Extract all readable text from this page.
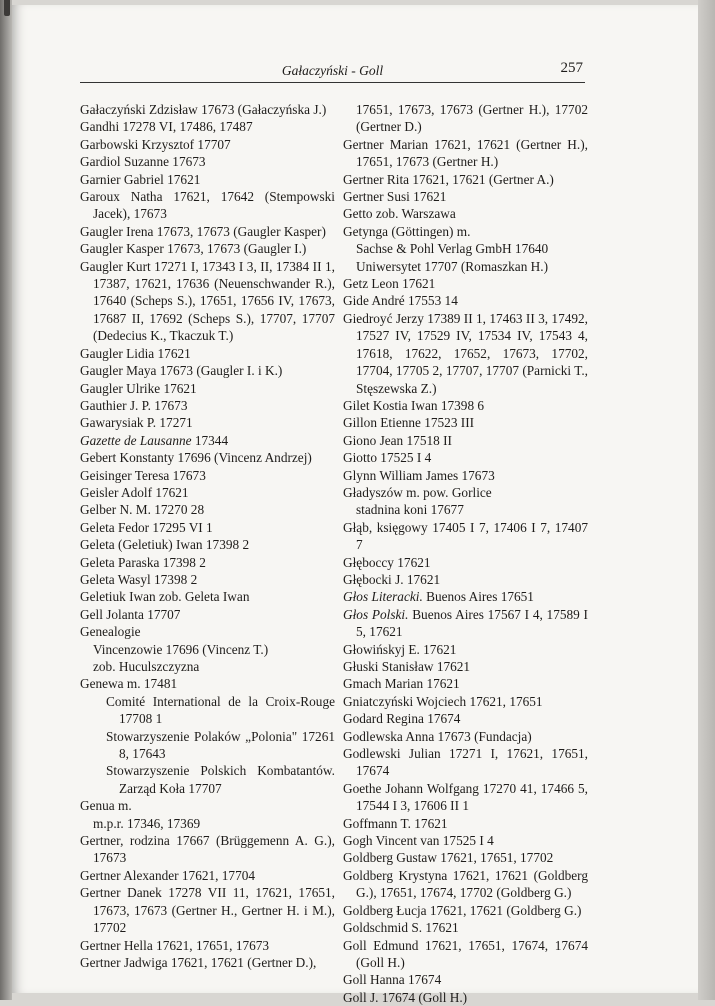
Gałaczyński - Goll	257
Gałaczyński Zdzisław 17673 (Gałaczyńska J.)
Gandhi 17278 VI, 17486, 17487
Garbowski Krzysztof 17707
Gardiol Suzanne 17673
Garnier Gabriel 17621
Garoux Natha 17621, 17642 (Stempowski Jacek), 17673
Gaugler Irena 17673, 17673 (Gaugler Kasper)
Gaugler Kasper 17673, 17673 (Gaugler I.)
Gaugler Kurt 17271 I, 17343 I 3, II, 17384 II 1, 17387, 17621, 17636 (Neuenschwander R.), 17640 (Scheps S.), 17651, 17656 IV, 17673, 17687 II, 17692 (Scheps S.), 17707, 17707 (Dedecius K., Tkaczuk T.)
Gaugler Lidia 17621
Gaugler Maya 17673 (Gaugler I. i K.)
Gaugler Ulrike 17621
Gauthier J. P. 17673
Gawarysiak P. 17271
Gazette de Lausanne 17344
Gebert Konstanty 17696 (Vincenz Andrzej)
Geisinger Teresa 17673
Geisler Adolf 17621
Gelber N. M. 17270 28
Geleta Fedor 17295 VI 1
Geleta (Geletiuk) Iwan 17398 2
Geleta Paraska 17398 2
Geleta Wasyl 17398 2
Geletiuk Iwan zob. Geleta Iwan
Gell Jolanta 17707
Genealogie
Vincenzowie 17696 (Vincenz T.)
zob. Huculszczyzna
Genewa m. 17481
Comité International de la Croix-Rouge 17708 1
Stowarzyszenie Polaków „Polonia" 17261 8, 17643
Stowarzyszenie Polskich Kombatantów. Zarząd Koła 17707
Genua m.
m.p.r. 17346, 17369
Gertner, rodzina 17667 (Brüggemenn A. G.), 17673
Gertner Alexander 17621, 17704
Gertner Danek 17278 VII 11, 17621, 17651, 17673, 17673 (Gertner H., Gertner H. i M.), 17702
Gertner Hella 17621, 17651, 17673
Gertner Jadwiga 17621, 17621 (Gertner D.),
17651, 17673, 17673 (Gertner H.), 17702 (Gertner D.)
Gertner Marian 17621, 17621 (Gertner H.), 17651, 17673 (Gertner H.)
Gertner Rita 17621, 17621 (Gertner A.)
Gertner Susi 17621
Getto zob. Warszawa
Getynga (Göttingen) m.
Sachse & Pohl Verlag GmbH 17640
Uniwersytet 17707 (Romaszkan H.)
Getz Leon 17621
Gide André 17553 14
Giedroyć Jerzy 17389 II 1, 17463 II 3, 17492, 17527 IV, 17529 IV, 17534 IV, 17543 4, 17618, 17622, 17652, 17673, 17702, 17704, 17705 2, 17707, 17707 (Parnicki T., Stęszewska Z.)
Gilet Kostia Iwan 17398 6
Gillon Etienne 17523 III
Giono Jean 17518 II
Giotto 17525 I 4
Glynn William James 17673
Gładyszów m. pow. Gorlice
stadnina koni 17677
Głąb, księgowy 17405 I 7, 17406 I 7, 17407 7
Głęboccy 17621
Głębocki J. 17621
Głos Literacki. Buenos Aires 17651
Głos Polski. Buenos Aires 17567 I 4, 17589 I 5, 17621
Głowińskyj E. 17621
Głuski Stanisław 17621
Gmach Marian 17621
Gniatczyński Wojciech 17621, 17651
Godard Regina 17674
Godlewska Anna 17673 (Fundacja)
Godlewski Julian 17271 I, 17621, 17651, 17674
Goethe Johann Wolfgang 17270 41, 17466 5, 17544 I 3, 17606 II 1
Goffmann T. 17621
Gogh Vincent van 17525 I 4
Goldberg Gustaw 17621, 17651, 17702
Goldberg Krystyna 17621, 17621 (Goldberg G.), 17651, 17674, 17702 (Goldberg G.)
Goldberg Łucja 17621, 17621 (Goldberg G.)
Goldschmid S. 17621
Goll Edmund 17621, 17651, 17674, 17674 (Goll H.)
Goll Hanna 17674
Goll J. 17674 (Goll H.)
